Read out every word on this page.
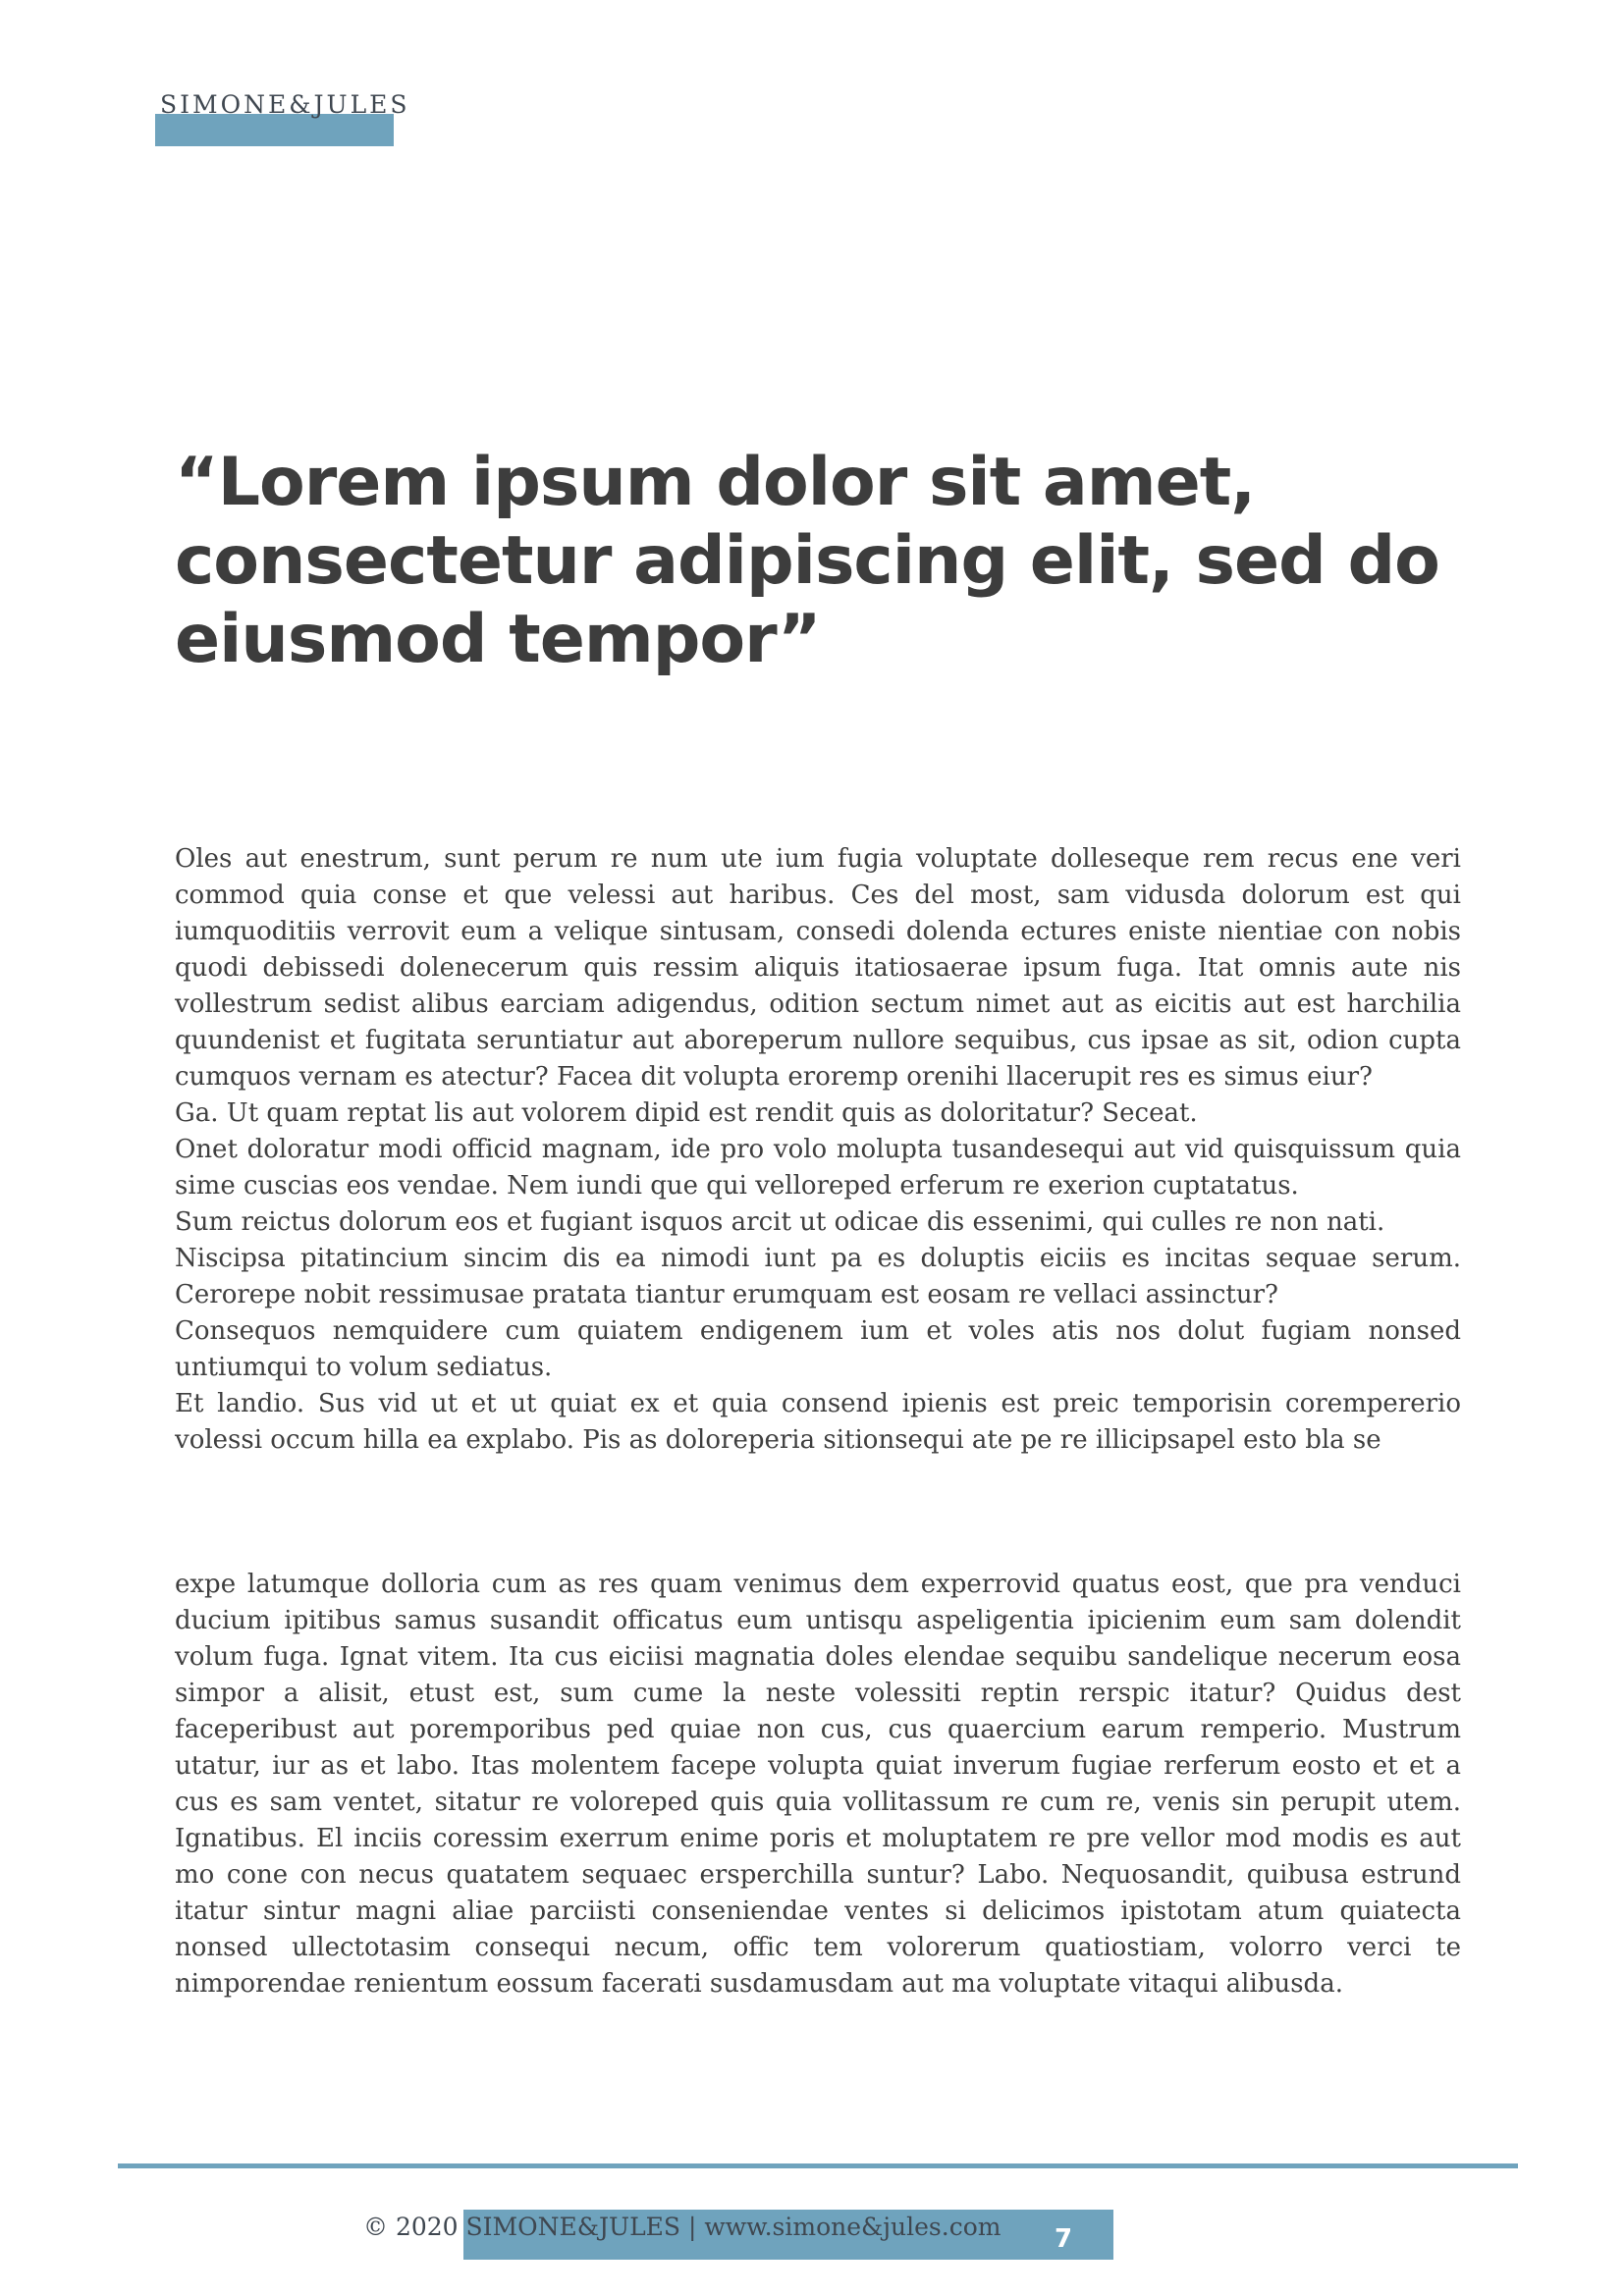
SIMONE&JULES

“Lorem ipsum dolor sit amet, consectetur adipiscing elit, sed do eiusmod tempor”

Oles aut enestrum, sunt perum re num ute ium fugia voluptate dolleseque rem recus ene veri commod quia conse et que velessi aut haribus. Ces del most, sam vidusda dolorum est qui iumquoditiis verrovit eum a velique sintusam, consedi dolenda ectures eniste nientiae con nobis quodi debissedi dolenecerum quis ressim aliquis itatiosaerae ipsum fuga. Itat omnis aute nis vollestrum sedist alibus earciam adigendus, odition sectum nimet aut as eicitis aut est harchilia quundenist et fugitata seruntiatur aut aboreperum nullore sequibus, cus ipsae as sit, odion cupta cumquos vernam es atectur? Facea dit volupta eroremp orenihi llacerupit res es simus eiur?

Ga. Ut quam reptat lis aut volorem dipid est rendit quis as doloritatur? Seceat.

Onet doloratur modi officid magnam, ide pro volo molupta tusandesequi aut vid quisquissum quia sime cuscias eos vendae. Nem iundi que qui velloreped erferum re exerion cuptatatus.

Sum reictus dolorum eos et fugiant isquos arcit ut odicae dis essenimi, qui culles re non nati.

Niscipsa pitatincium sincim dis ea nimodi iunt pa es doluptis eiciis es incitas sequae serum. Cerorepe nobit ressimusae pratata tiantur erumquam est eosam re vellaci assinctur?

Consequos nemquidere cum quiatem endigenem ium et voles atis nos dolut fugiam nonsed untiumqui to volum sediatus.

Et landio. Sus vid ut et ut quiat ex et quia consend ipienis est preic temporisin corempererio volessi occum hilla ea explabo. Pis as doloreperia sitionsequi ate pe re illicipsapel esto bla se

expe latumque dolloria cum as res quam venimus dem experrovid quatus eost, que pra venduci ducium ipitibus samus susandit officatus eum untisqu aspeligentia ipicienim eum sam dolendit volum fuga. Ignat vitem. Ita cus eiciisi magnatia doles elendae sequibu sandelique necerum eosa simpor a alisit, etust est, sum cume la neste volessiti reptin rerspic itatur? Quidus dest faceperibust aut poremporibus ped quiae non cus, cus quaercium earum remperio. Mustrum utatur, iur as et labo. Itas molentem facepe volupta quiat inverum fugiae rerferum eosto et et a cus es sam ventet, sitatur re voloreped quis quia vollitassum re cum re, venis sin perupit utem. Ignatibus. El inciis coressim exerrum enime poris et moluptatem re pre vellor mod modis es aut mo cone con necus quatatem sequaec ersperchilla suntur? Labo. Nequosandit, quibusa estrund itatur sintur magni aliae parciisti conseniendae ventes si delicimos ipistotam atum quiatecta nonsed ullectotasim consequi necum, offic tem volorerum quatiostiam, volorro verci te nimporendae renientum eossum facerati susdamusdam aut ma voluptate vitaqui alibusda.

© 2020 SIMONE&JULES | www.simone&jules.com 7
